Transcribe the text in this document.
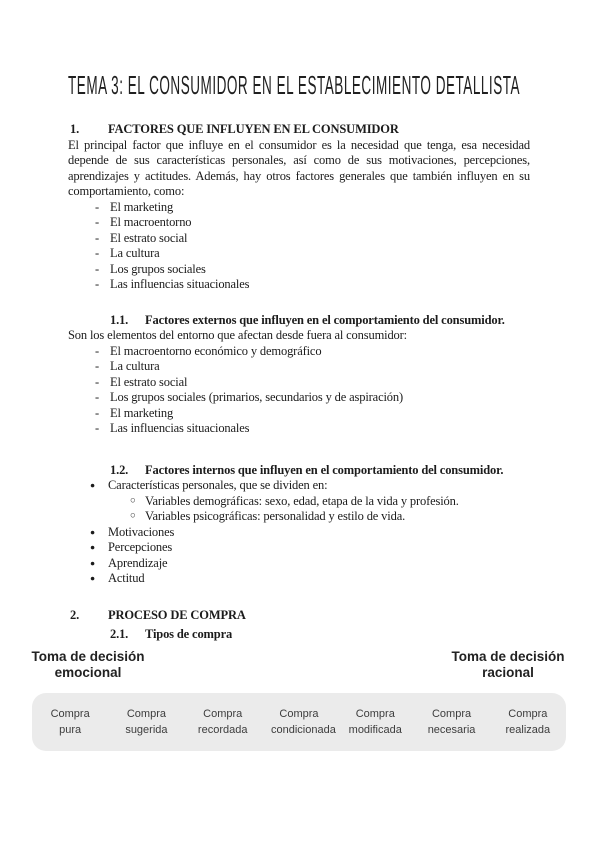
TEMA 3: EL CONSUMIDOR EN EL ESTABLECIMIENTO DETALLISTA
1. FACTORES QUE INFLUYEN EN EL CONSUMIDOR
El principal factor que influye en el consumidor es la necesidad que tenga, esa necesidad depende de sus características personales, así como de sus motivaciones, percepciones, aprendizajes y actitudes. Además, hay otros factores generales que también influyen en su comportamiento, como:
- El marketing
- El macroentorno
- El estrato social
- La cultura
- Los grupos sociales
- Las influencias situacionales
1.1. Factores externos que influyen en el comportamiento del consumidor.
Son los elementos del entorno que afectan desde fuera al consumidor:
- El macroentorno económico y demográfico
- La cultura
- El estrato social
- Los grupos sociales (primarios, secundarios y de aspiración)
- El marketing
- Las influencias situacionales
1.2. Factores internos que influyen en el comportamiento del consumidor.
● Características personales, que se dividen en:
○ Variables demográficas: sexo, edad, etapa de la vida y profesión.
○ Variables psicográficas: personalidad y estilo de vida.
● Motivaciones
● Percepciones
● Aprendizaje
● Actitud
2. PROCESO DE COMPRA
2.1. Tipos de compra
Toma de decisión emocional
Toma de decisión racional
Compra pura
Compra sugerida
Compra recordada
Compra condicionada
Compra modificada
Compra necesaria
Compra realizada
